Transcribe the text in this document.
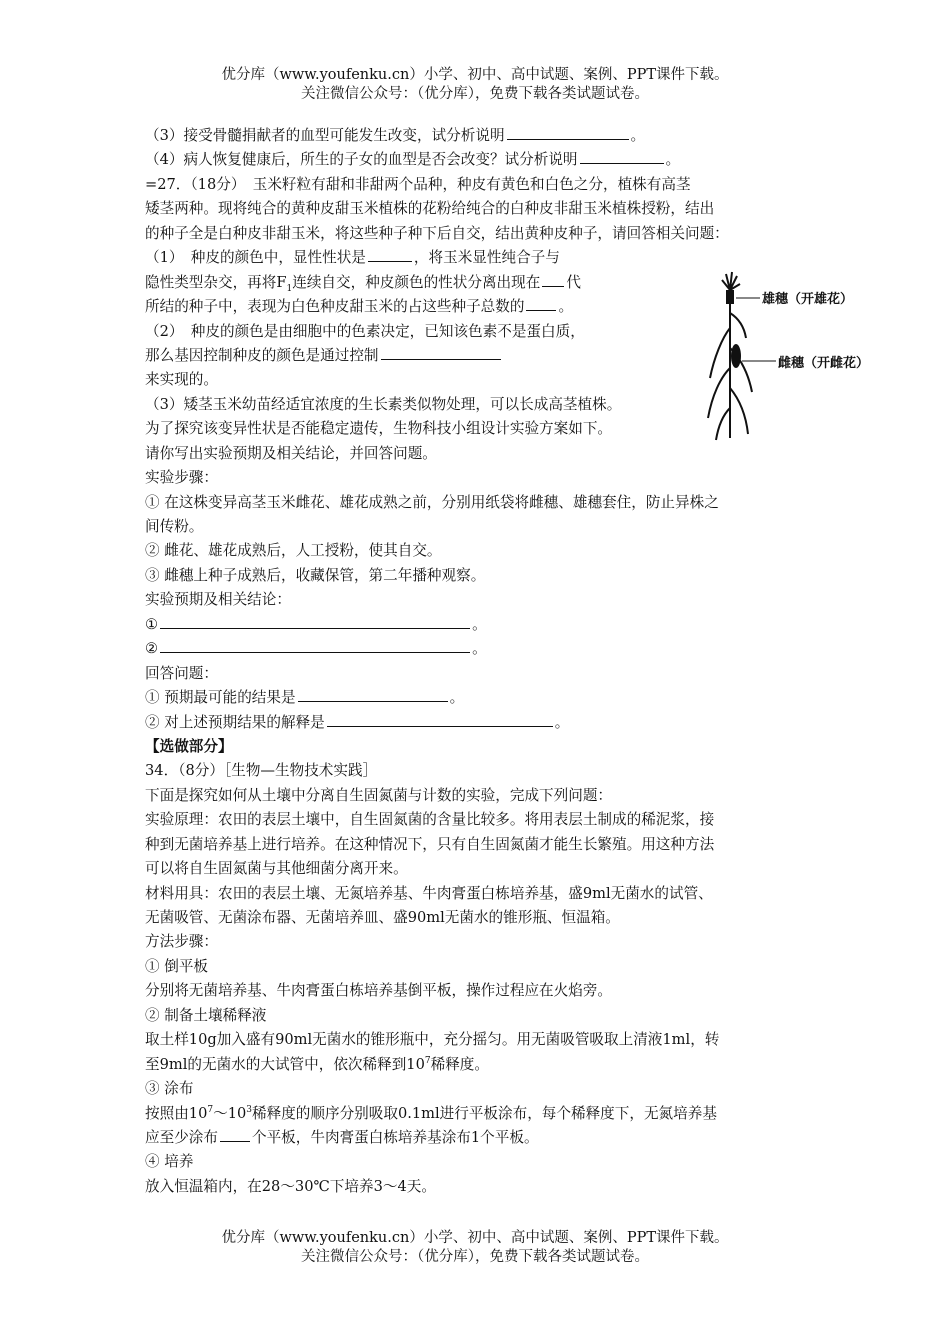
优分库（www.youfenku.cn）小学、初中、高中试题、案例、PPT课件下载。
关注微信公众号：（优分库），免费下载各类试题试卷。
（3）接受骨髓捐献者的血型可能发生改变，试分析说明	。
（4）病人恢复健康后，所生的子女的血型是否会改变？试分析说明	。
=27．（18分）　玉米籽粒有甜和非甜两个品种，种皮有黄色和白色之分，植株有高茎
矮茎两种。现将纯合的黄种皮甜玉米植株的花粉给纯合的白种皮非甜玉米植株授粉，结出
的种子全是白种皮非甜玉米，将这些种子种下后自交，结出黄种皮种子，请回答相关问题：
（1）　种皮的颜色中，显性性状是	，将玉米显性纯合子与
隐性类型杂交，再将$F_1$连续自交，种皮颜色的性状分离出现在 代
所结的种子中，表现为白色种皮甜玉米的占这些种子总数的 。
（2）　种皮的颜色是由细胞中的色素决定，已知该色素不是蛋白质，
那么基因控制种皮的颜色是通过控制
来实现的。
（3）矮茎玉米幼苗经适宜浓度的生长素类似物处理，可以长成高茎植株。
为了探究该变异性状是否能稳定遗传，生物科技小组设计实验方案如下。
请你写出实验预期及相关结论，并回答问题。
实验步骤：
① 在这株变异高茎玉米雌花、雄花成熟之前，分别用纸袋将雌穗、雄穗套住，防止异株之
间传粉。
② 雌花、雄花成熟后，人工授粉，使其自交。
③ 雌穗上种子成熟后，收藏保管，第二年播种观察。
实验预期及相关结论：
①	。
②	。
回答问题：
① 预期最可能的结果是	。
② 对上述预期结果的解释是	。
【选做部分】
34．（8分）［生物—生物技术实践］
下面是探究如何从土壤中分离自生固氮菌与计数的实验，完成下列问题：
实验原理：农田的表层土壤中，自生固氮菌的含量比较多。将用表层土制成的稀泥浆，接
种到无菌培养基上进行培养。在这种情况下，只有自生固氮菌才能生长繁殖。用这种方法
可以将自生固氮菌与其他细菌分离开来。
材料用具：农田的表层土壤、无氮培养基、牛肉膏蛋白栋培养基，盛9ml无菌水的试管、
无菌吸管、无菌涂布器、无菌培养皿、盛90ml无菌水的锥形瓶、恒温箱。
方法步骤：
① 倒平板
分别将无菌培养基、牛肉膏蛋白栋培养基倒平板，操作过程应在火焰旁。
② 制备土壤稀释液
取土样10g加入盛有90ml无菌水的锥形瓶中，充分摇匀。用无菌吸管吸取上清液1ml，转
至9ml的无菌水的大试管中，依次稀释到$10^7$稀释度。
③ 涂布
按照由$10^7\sim 10^3$稀释度的顺序分别吸取0.1ml进行平板涂布，每个稀释度下，无氮培养基
应至少涂布 个平板，牛肉膏蛋白栋培养基涂布1个平板。
④ 培养
放入恒温箱内，在28～30℃下培养3～4天。
雄穗（开雄花）
雌穗（开雌花）
优分库（www.youfenku.cn）小学、初中、高中试题、案例、PPT课件下载。
关注微信公众号：（优分库），免费下载各类试题试卷。
